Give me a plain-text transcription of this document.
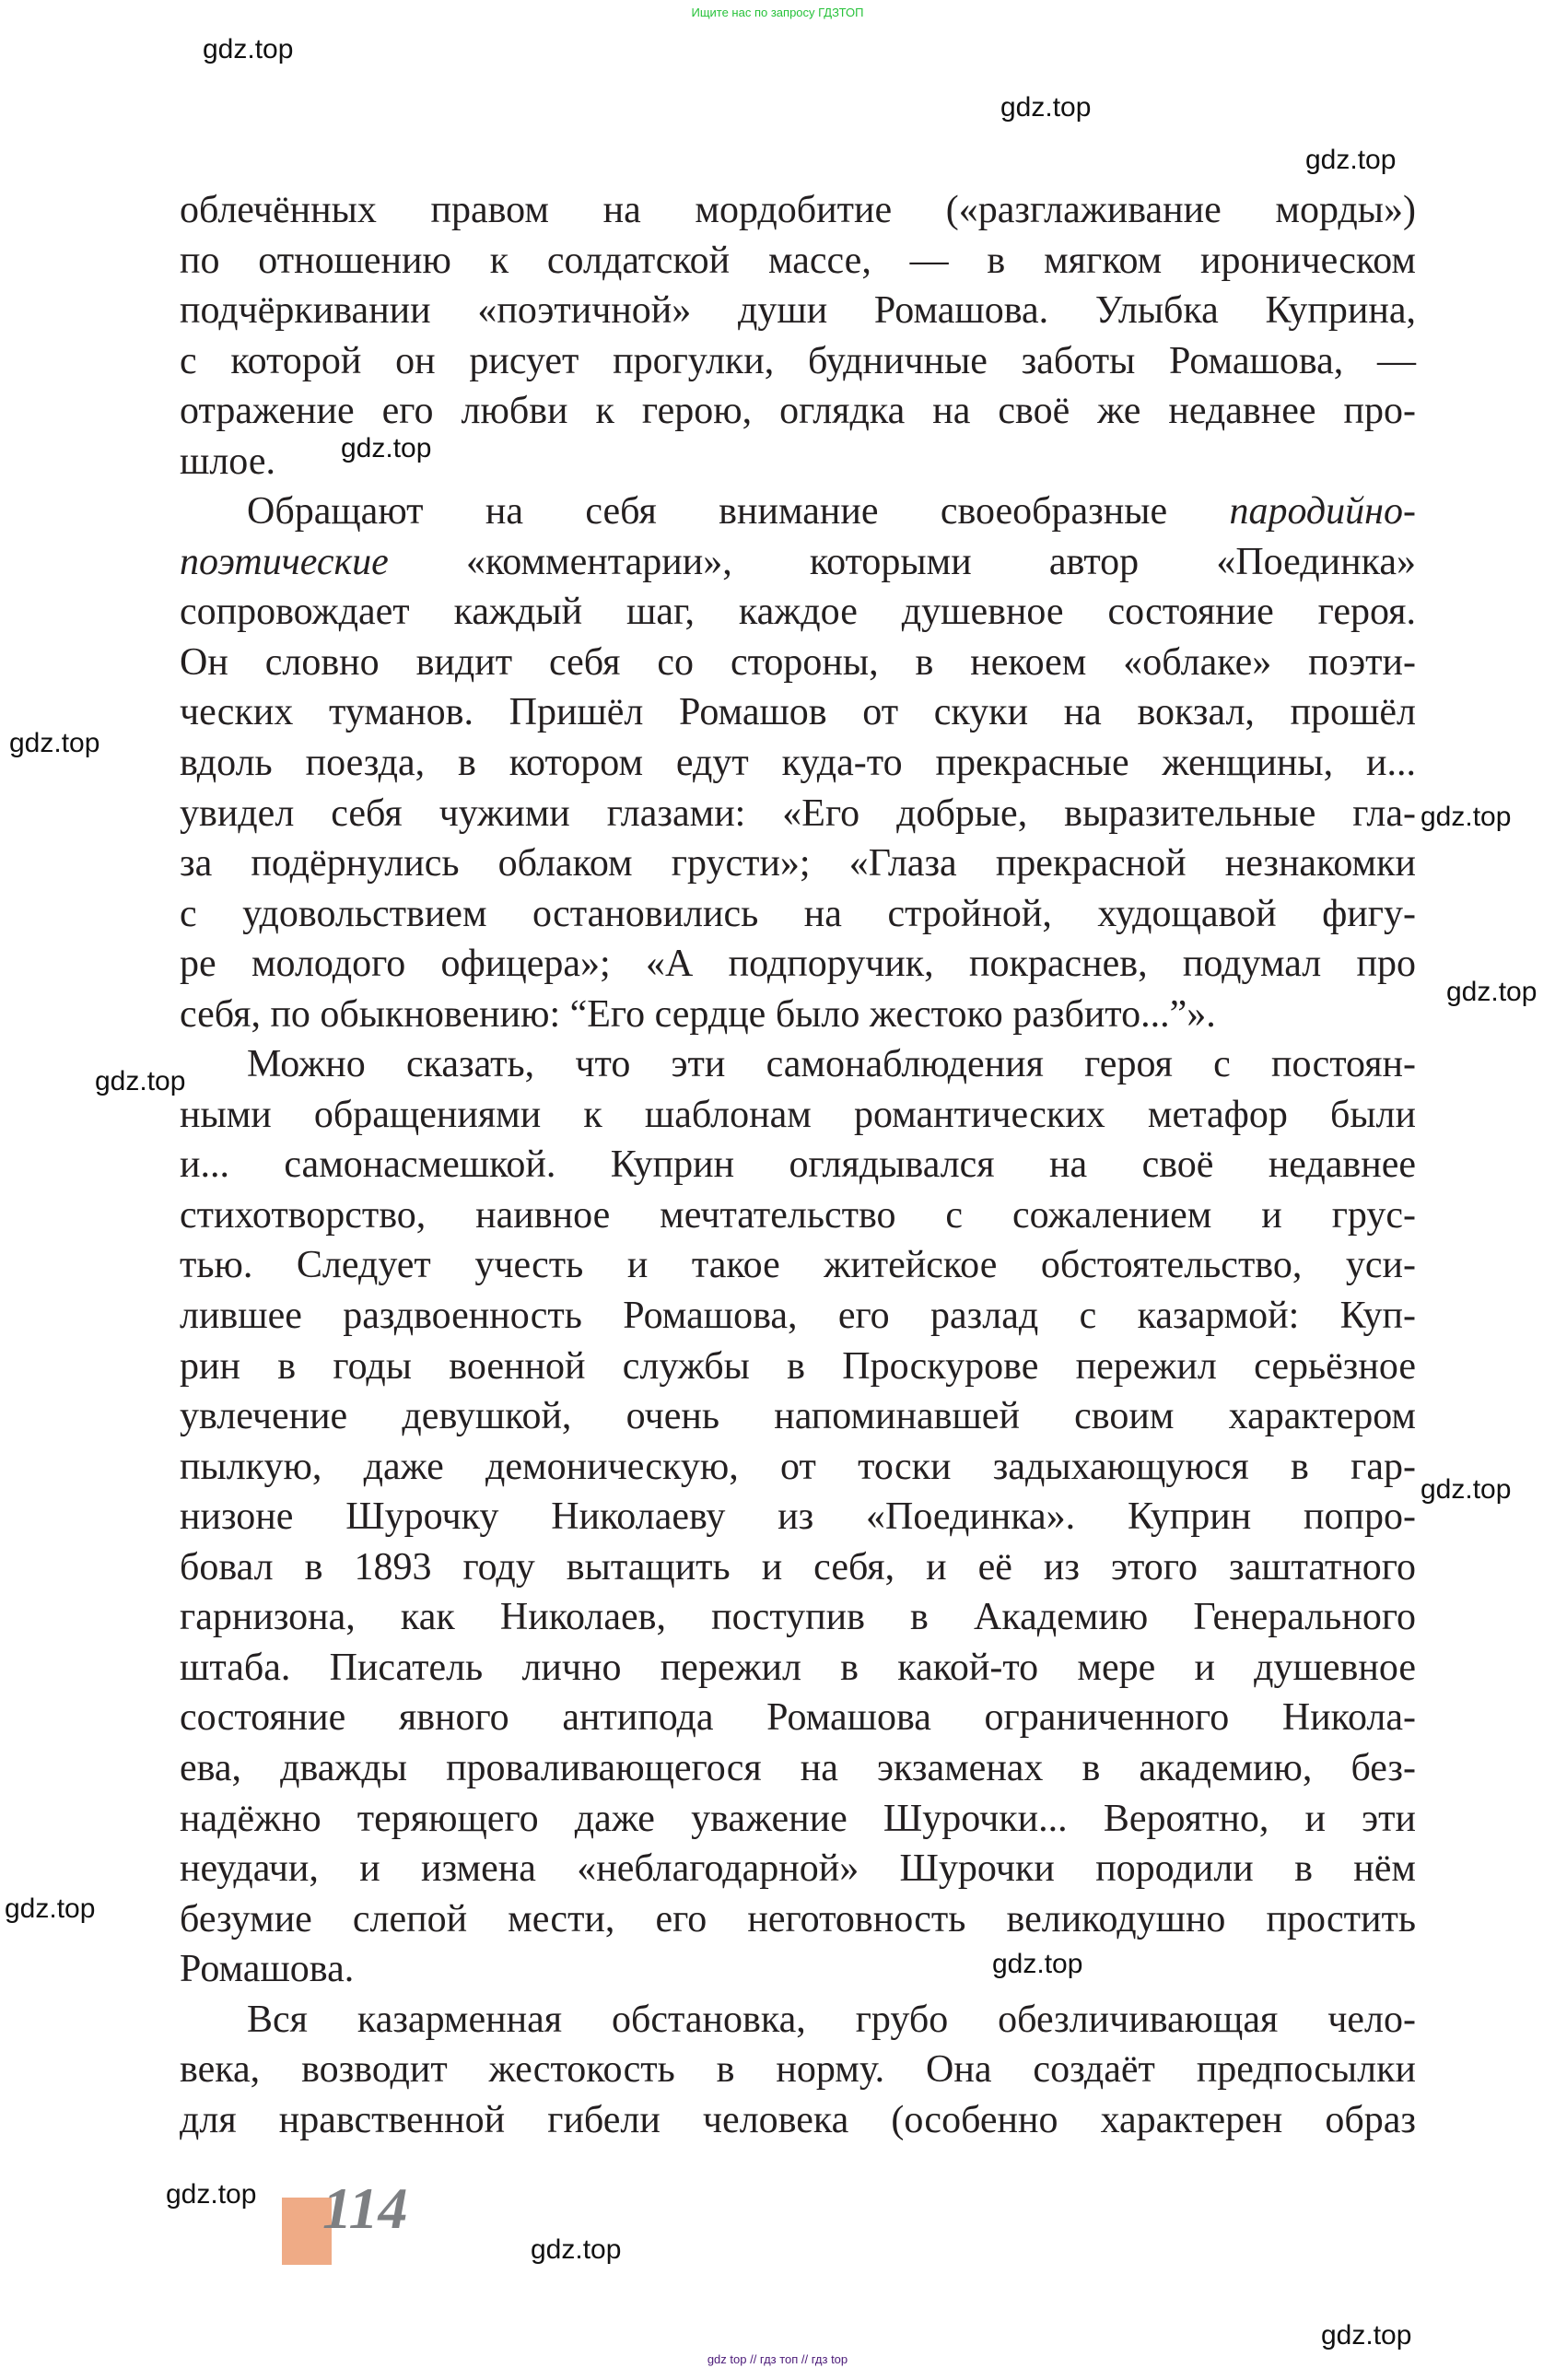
Ищите нас по запросу ГДЗТОП
gdz.top
gdz.top
gdz.top
gdz.top
gdz.top
gdz.top
gdz.top
gdz.top
gdz.top
gdz.top
gdz.top
gdz.top
gdz.top
gdz.top
облечённых правом на мордобитие («разглаживание морды»)
по отношению к солдатской массе, — в мягком ироническом
подчёркивании «поэтичной» души Ромашова. Улыбка Куприна,
с которой он рисует прогулки, будничные заботы Ромашова, —
отражение его любви к герою, оглядка на своё же недавнее про-
шлое.
Обращают на себя внимание своеобразные пародийно-
поэтические «комментарии», которыми автор «Поединка»
сопровождает каждый шаг, каждое душевное состояние героя.
Он словно видит себя со стороны, в некоем «облаке» поэти-
ческих туманов. Пришёл Ромашов от скуки на вокзал, прошёл
вдоль поезда, в котором едут куда-то прекрасные женщины, и...
увидел себя чужими глазами: «Его добрые, выразительные гла-
за подёрнулись облаком грусти»; «Глаза прекрасной незнакомки
с удовольствием остановились на стройной, худощавой фигу-
ре молодого офицера»; «А подпоручик, покраснев, подумал про
себя, по обыкновению: “Его сердце было жестоко разбито...”».
Можно сказать, что эти самонаблюдения героя с постоян-
ными обращениями к шаблонам романтических метафор были
и... самонасмешкой. Куприн оглядывался на своё недавнее
стихотворство, наивное мечтательство с сожалением и грус-
тью. Следует учесть и такое житейское обстоятельство, уси-
лившее раздвоенность Ромашова, его разлад с казармой: Куп-
рин в годы военной службы в Проскурове пережил серьёзное
увлечение девушкой, очень напоминавшей своим характером
пылкую, даже демоническую, от тоски задыхающуюся в гар-
низоне Шурочку Николаеву из «Поединка». Куприн попро-
бовал в 1893 году вытащить и себя, и её из этого заштатного
гарнизона, как Николаев, поступив в Академию Генерального
штаба. Писатель лично пережил в какой-то мере и душевное
состояние явного антипода Ромашова ограниченного Никола-
ева, дважды проваливающегося на экзаменах в академию, без-
надёжно теряющего даже уважение Шурочки... Вероятно, и эти
неудачи, и измена «неблагодарной» Шурочки породили в нём
безумие слепой мести, его неготовность великодушно простить
Ромашова.
Вся казарменная обстановка, грубо обезличивающая чело-
века, возводит жестокость в норму. Она создаёт предпосылки
для нравственной гибели человека (особенно характерен образ
114
gdz top // гдз топ // гдз top
